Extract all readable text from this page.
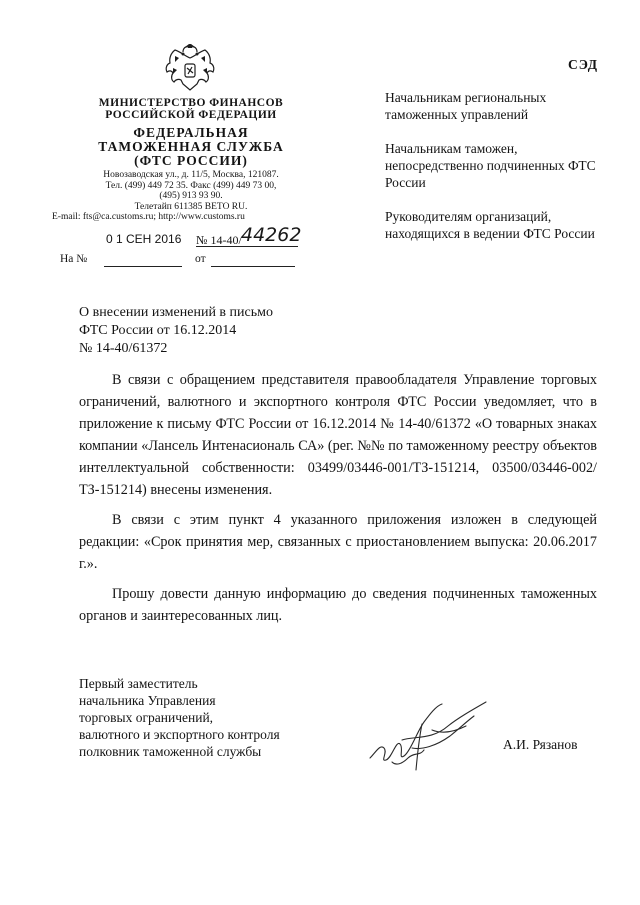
МИНИСТЕРСТВО ФИНАНСОВ
РОССИЙСКОЙ ФЕДЕРАЦИИ
ФЕДЕРАЛЬНАЯ
ТАМОЖЕННАЯ СЛУЖБА
(ФТС РОССИИ)
Новозаводская ул., д. 11/5, Москва, 121087.
Тел. (499) 449 72 35. Факс (499) 449 73 00,
(495) 913 93 90.
Телетайп 611385 ВЕТО RU.
E-mail: fts@ca.customs.ru; http://www.customs.ru
0 1 СЕН 2016 № 14-40/ 44262
На №	от
СЭД

Начальникам региональных таможенных управлений

Начальникам таможен, непосредственно подчиненных ФТС России

Руководителям организаций, находящихся в ведении ФТС России

О внесении изменений в письмо
ФТС России от 16.12.2014
№ 14-40/61372

В связи с обращением представителя правообладателя Управление торговых ограничений, валютного и экспортного контроля ФТС России уведомляет, что в приложение к письму ФТС России от 16.12.2014 № 14-40/61372 «О товарных знаках компании «Лансель Интенасиональ СА» (рег. №№ по таможенному реестру объектов интеллектуальной собственности: 03499/03446-001/ТЗ-151214, 03500/03446-002/ТЗ-151214) внесены изменения.

В связи с этим пункт 4 указанного приложения изложен в следующей редакции: «Срок принятия мер, связанных с приостановлением выпуска: 20.06.2017 г.».

Прошу довести данную информацию до сведения подчиненных таможенных органов и заинтересованных лиц.

Первый заместитель
начальника Управления
торговых ограничений,
валютного и экспортного контроля
полковник таможенной службы	А.И. Рязанов
